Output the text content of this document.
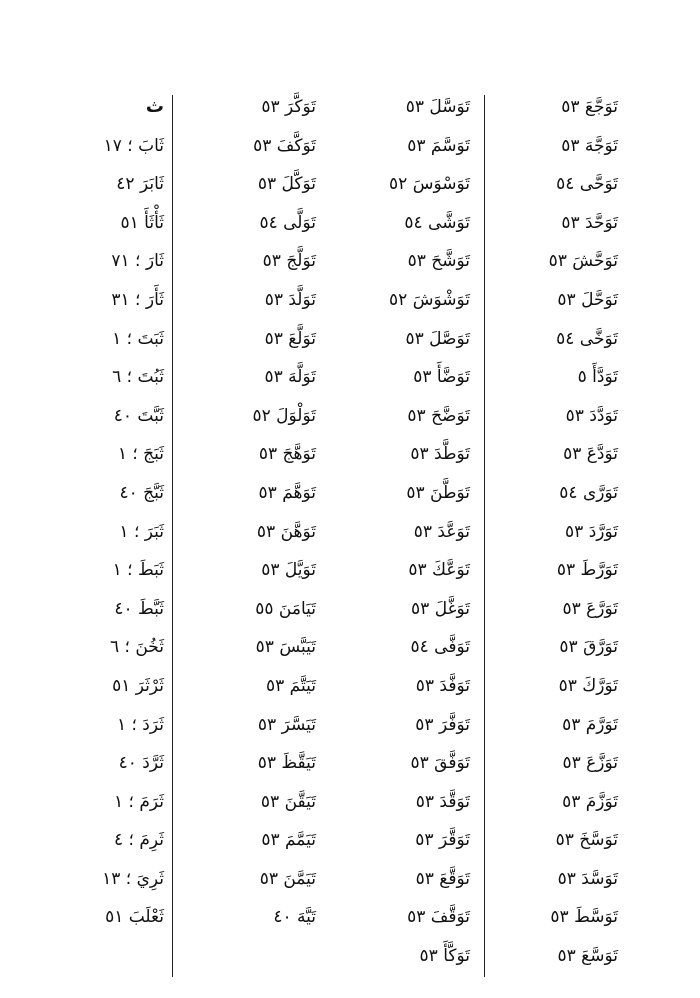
تَوَجَّعَ ٥٣
تَوَجَّهَ ٥٣
تَوَحَّى ٥٤
تَوَحَّدَ ٥٣
تَوَحَّشَ ٥٣
تَوَحَّلَ ٥٣
تَوَخَّى ٥٤
تَوَدَّأَ ٥
تَوَدَّدَ ٥٣
تَوَدَّعَ ٥٣
تَوَرَّى ٥٤
تَوَرَّدَ ٥٣
تَوَرَّطَ ٥٣
تَوَرَّعَ ٥٣
تَوَرَّقَ ٥٣
تَوَرَّكَ ٥٣
تَوَرَّمَ ٥٣
تَوَزَّعَ ٥٣
تَوَزَّمَ ٥٣
تَوَسَّخَ ٥٣
تَوَسَّدَ ٥٣
تَوَسَّطَ ٥٣
تَوَسَّعَ ٥٣
تَوَسَّلَ ٥٣
تَوَسَّمَ ٥٣
تَوَسْوَسَ ٥٢
تَوَشَّى ٥٤
تَوَشَّحَ ٥٣
تَوَشْوَشَ ٥٢
تَوَصَّلَ ٥٣
تَوَضَّأَ ٥٣
تَوَضَّحَ ٥٣
تَوَطَّدَ ٥٣
تَوَطَّنَ ٥٣
تَوَعَّدَ ٥٣
تَوَعَّكَ ٥٣
تَوَغَّلَ ٥٣
تَوَفَّى ٥٤
تَوَفَّدَ ٥٣
تَوَفَّرَ ٥٣
تَوَفَّقَ ٥٣
تَوَقَّدَ ٥٣
تَوَقَّرَ ٥٣
تَوَقَّعَ ٥٣
تَوَقَّفَ ٥٣
تَوَكَّأَ ٥٣
تَوَكَّرَ ٥٣
تَوَكَّفَ ٥٣
تَوَكَّلَ ٥٣
تَوَلَّى ٥٤
تَوَلَّجَ ٥٣
تَوَلَّدَ ٥٣
تَوَلَّعَ ٥٣
تَوَلَّهَ ٥٣
تَوَلْوَلَ ٥٢
تَوَهَّجَ ٥٣
تَوَهَّمَ ٥٣
تَوَهَّنَ ٥٣
تَوَيَّلَ ٥٣
تَيَامَنَ ٥٥
تَيَبَّسَ ٥٣
تَيَتَّمَ ٥٣
تَيَسَّرَ ٥٣
تَيَقَّظَ ٥٣
تَيَقَّنَ ٥٣
تَيَمَّمَ ٥٣
تَيَمَّنَ ٥٣
تَيَّهَ ٤٠
ث
ثَابَ ؛ ١٧
ثَابَرَ ٤٢
ثَأْثَأَ ٥١
ثَارَ ؛ ٧١
ثَأَرَ ؛ ٣١
ثَبَتَ ؛ ١
ثَبُتَ ؛ ٦
ثَبَّتَ ٤٠
ثَبَجَ ؛ ١
ثَبَّجَ ٤٠
ثَبَرَ ؛ ١
ثَبَطَ ؛ ١
ثَبَّطَ ٤٠
ثَخُنَ ؛ ٦
ثَرْثَرَ ٥١
ثَرَدَ ؛ ١
ثَرَّدَ ٤٠
ثَرَمَ ؛ ١
ثَرِمَ ؛ ٤
ثَرِيَ ؛ ١٣
ثَعْلَبَ ٥١
